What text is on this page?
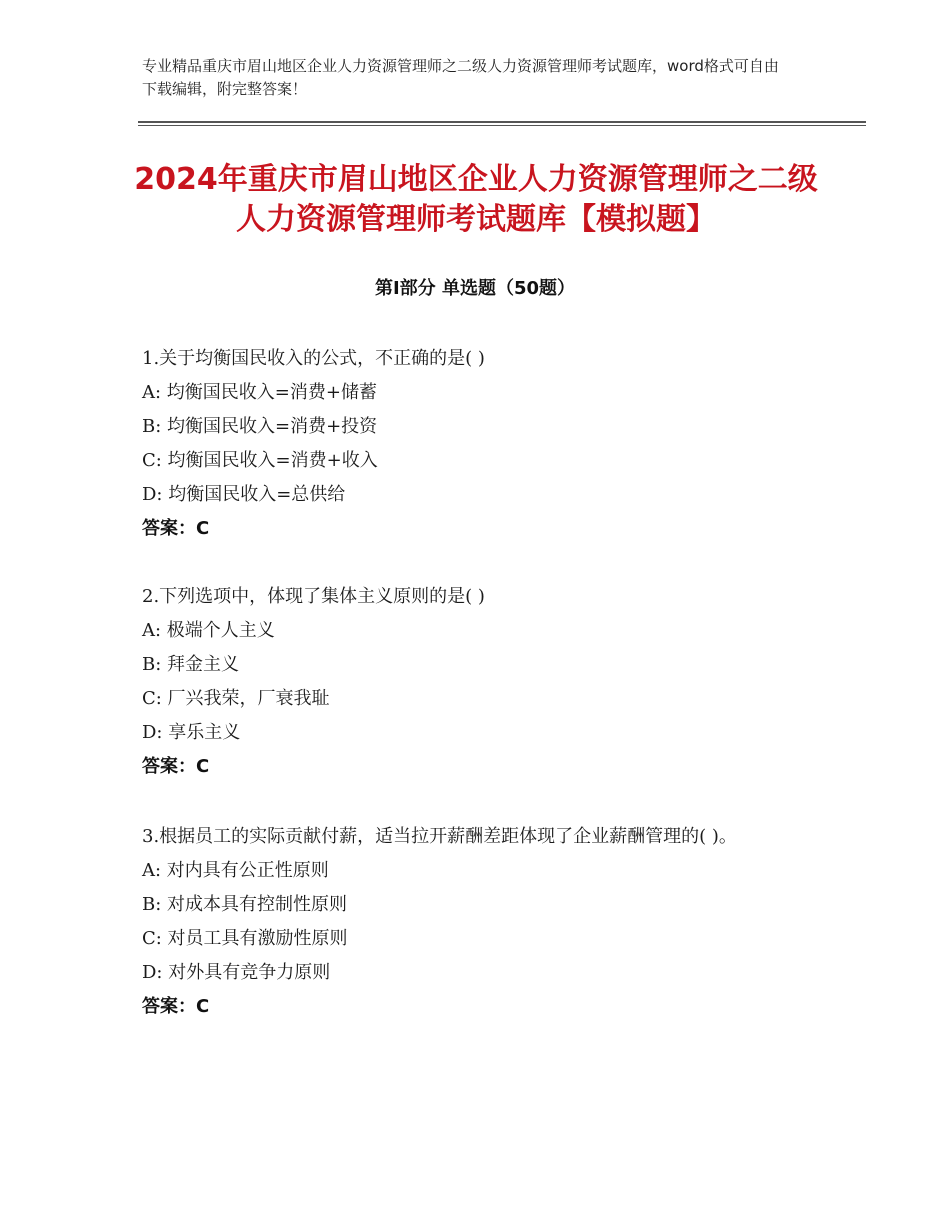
专业精品重庆市眉山地区企业人力资源管理师之二级人力资源管理师考试题库，word格式可自由下载编辑，附完整答案！
2024年重庆市眉山地区企业人力资源管理师之二级人力资源管理师考试题库【模拟题】
第Ⅰ部分 单选题（50题）

1.关于均衡国民收入的公式，不正确的是( )

A: 均衡国民收入=消费+储蓄

B: 均衡国民收入=消费+投资

C: 均衡国民收入=消费+收入

D: 均衡国民收入=总供给

答案：C

2.下列选项中，体现了集体主义原则的是( )

A: 极端个人主义

B: 拜金主义

C: 厂兴我荣，厂衰我耻

D: 享乐主义

答案：C

3.根据员工的实际贡献付薪，适当拉开薪酬差距体现了企业薪酬管理的( )。

A: 对内具有公正性原则

B: 对成本具有控制性原则

C: 对员工具有激励性原则

D: 对外具有竞争力原则

答案：C
